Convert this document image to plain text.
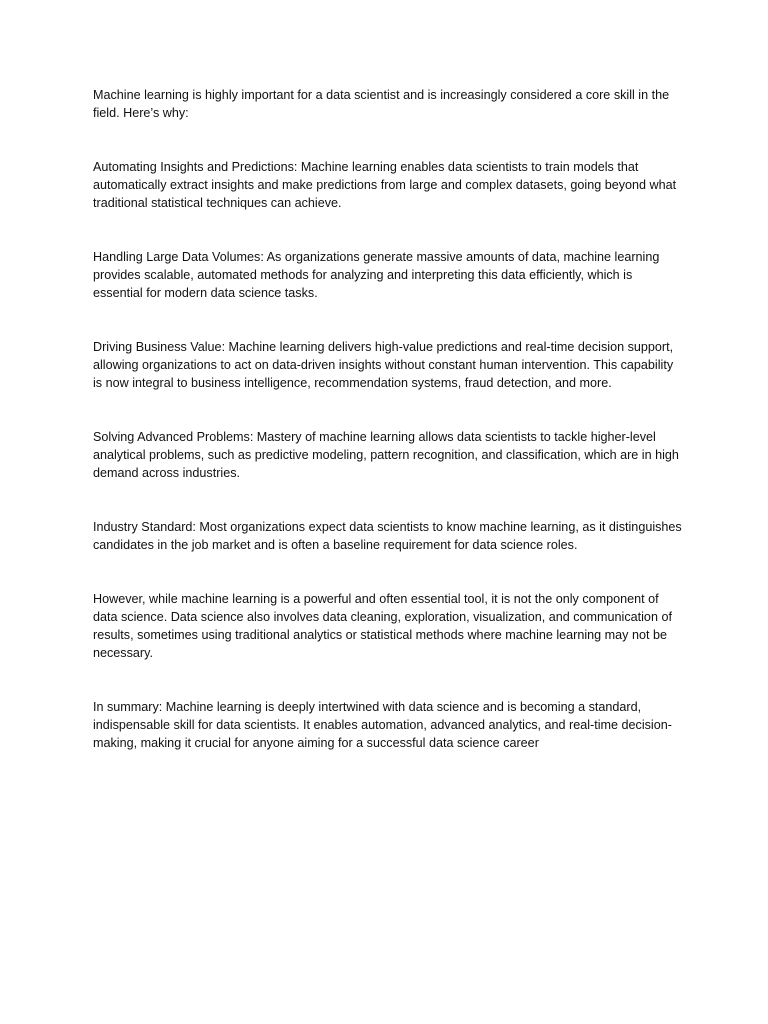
Machine learning is highly important for a data scientist and is increasingly considered a core skill in the field. Here’s why:

Automating Insights and Predictions: Machine learning enables data scientists to train models that automatically extract insights and make predictions from large and complex datasets, going beyond what traditional statistical techniques can achieve.

Handling Large Data Volumes: As organizations generate massive amounts of data, machine learning provides scalable, automated methods for analyzing and interpreting this data efficiently, which is essential for modern data science tasks.

Driving Business Value: Machine learning delivers high-value predictions and real-time decision support, allowing organizations to act on data-driven insights without constant human intervention. This capability is now integral to business intelligence, recommendation systems, fraud detection, and more.

Solving Advanced Problems: Mastery of machine learning allows data scientists to tackle higher-level analytical problems, such as predictive modeling, pattern recognition, and classification, which are in high demand across industries.

Industry Standard: Most organizations expect data scientists to know machine learning, as it distinguishes candidates in the job market and is often a baseline requirement for data science roles.

However, while machine learning is a powerful and often essential tool, it is not the only component of data science. Data science also involves data cleaning, exploration, visualization, and communication of results, sometimes using traditional analytics or statistical methods where machine learning may not be necessary.

In summary: Machine learning is deeply intertwined with data science and is becoming a standard, indispensable skill for data scientists. It enables automation, advanced analytics, and real-time decision-making, making it crucial for anyone aiming for a successful data science career
